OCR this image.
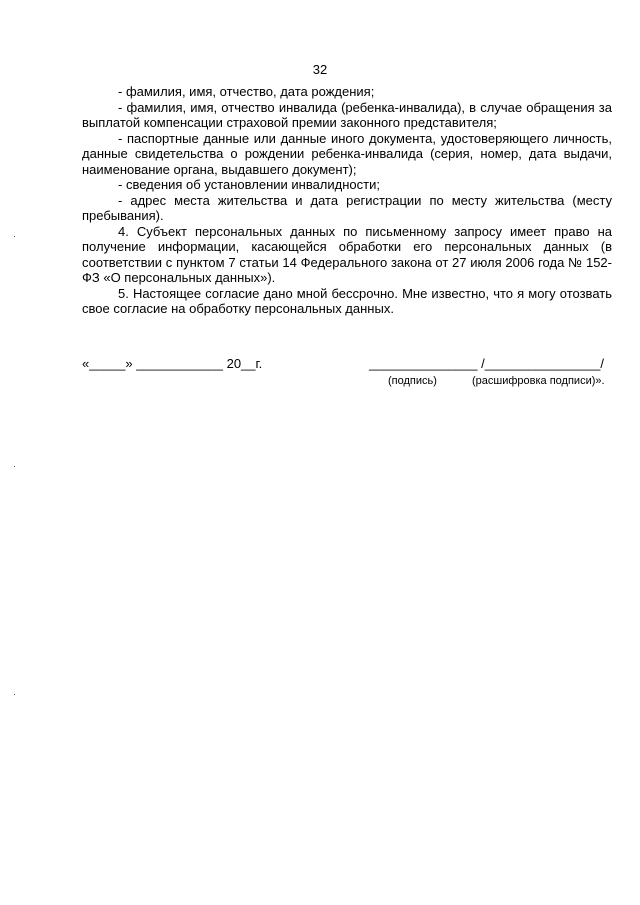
32

- фамилия, имя, отчество, дата рождения;

- фамилия, имя, отчество инвалида (ребенка-инвалида), в случае обращения за выплатой компенсации страховой премии законного представителя;

- паспортные данные или данные иного документа, удостоверяющего личность, данные свидетельства о рождении ребенка-инвалида (серия, номер, дата выдачи, наименование органа, выдавшего документ);

- сведения об установлении инвалидности;

- адрес места жительства и дата регистрации по месту жительства (месту пребывания).

4. Субъект персональных данных по письменному запросу имеет право на получение информации, касающейся обработки его персональных данных (в соответствии с пунктом 7 статьи 14 Федерального закона от 27 июля 2006 года № 152-ФЗ «О персональных данных»).

5. Настоящее согласие дано мной бессрочно. Мне известно, что я могу отозвать свое согласие на обработку персональных данных.

«_____» ____________ 20__г.	_______________ /________________/
(подпись)	(расшифровка подписи)».
